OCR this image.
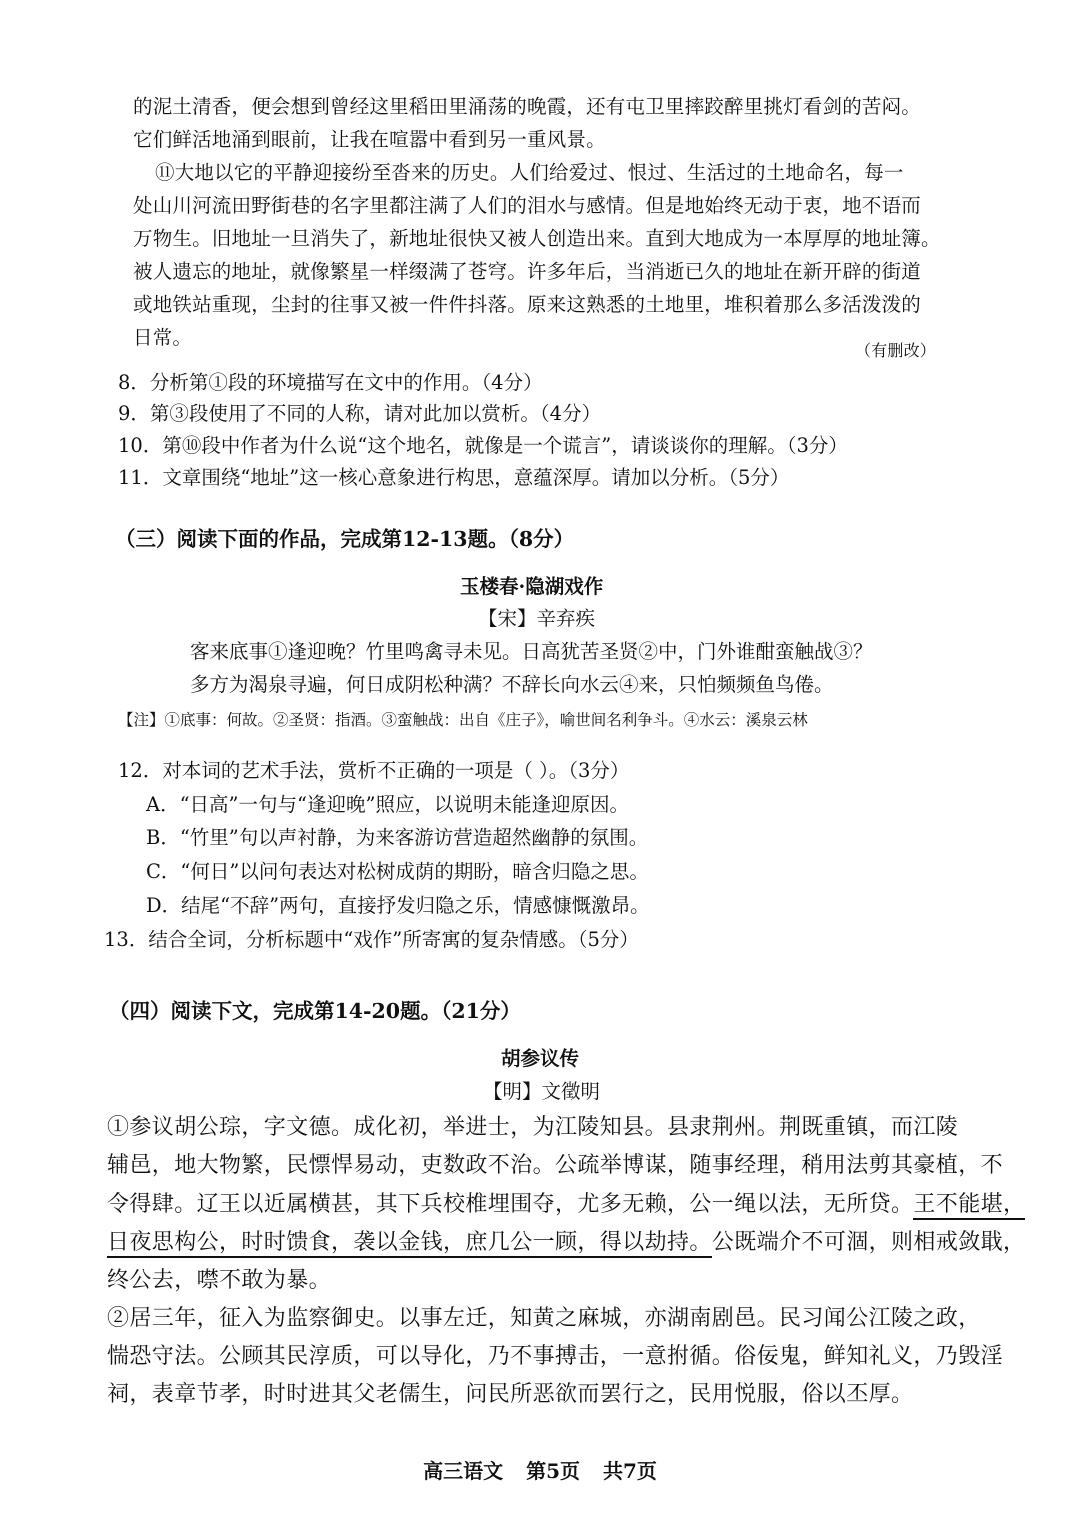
的泥土清香，便会想到曾经这里稻田里涌荡的晚霞，还有屯卫里摔跤醉里挑灯看剑的苦闷。
它们鲜活地涌到眼前，让我在喧嚣中看到另一重风景。
⑪大地以它的平静迎接纷至沓来的历史。人们给爱过、恨过、生活过的土地命名，每一
处山川河流田野街巷的名字里都注满了人们的泪水与感情。但是地始终无动于衷，地不语而
万物生。旧地址一旦消失了，新地址很快又被人创造出来。直到大地成为一本厚厚的地址簿。
被人遗忘的地址，就像繁星一样缀满了苍穹。许多年后，当消逝已久的地址在新开辟的街道
或地铁站重现，尘封的往事又被一件件抖落。原来这熟悉的土地里，堆积着那么多活泼泼的
日常。
（有删改）
8．分析第①段的环境描写在文中的作用。（4分）
9．第③段使用了不同的人称，请对此加以赏析。（4分）
10．第⑩段中作者为什么说“这个地名，就像是一个谎言”，请谈谈你的理解。（3分）
11．文章围绕“地址”这一核心意象进行构思，意蕴深厚。请加以分析。（5分）
（三）阅读下面的作品，完成第12-13题。（8分）
玉楼春·隐湖戏作
【宋】辛弃疾
客来底事①逢迎晚？竹里鸣禽寻未见。日高犹苦圣贤②中，门外谁酣蛮触战③？
多方为渴泉寻遍，何日成阴松种满？不辞长向水云④来，只怕频频鱼鸟倦。
【注】①底事：何故。②圣贤：指酒。③蛮触战：出自《庄子》，喻世间名利争斗。④水云：溪泉云林
12．对本词的艺术手法，赏析不正确的一项是（ ）。（3分）
A．“日高”一句与“逢迎晚”照应，以说明未能逢迎原因。
B．“竹里”句以声衬静，为来客游访营造超然幽静的氛围。
C．“何日”以问句表达对松树成荫的期盼，暗含归隐之思。
D．结尾“不辞”两句，直接抒发归隐之乐，情感慷慨激昂。
13．结合全词，分析标题中“戏作”所寄寓的复杂情感。（5分）
（四）阅读下文，完成第14-20题。（21分）
胡参议传
【明】文徵明
①参议胡公琮，字文德。成化初，举进士，为江陵知县。县隶荆州。荆既重镇，而江陵
辅邑，地大物繁，民慓悍易动，吏数政不治。公疏举博谋，随事经理，稍用法剪其豪植，不
令得肆。辽王以近属横甚，其下兵校椎埋围夺，尤多无赖，公一绳以法，无所贷。王不能堪，
日夜思构公，时时馈食，袭以金钱，庶几公一顾，得以劫持。公既端介不可涸，则相戒敛戢，
终公去，噤不敢为暴。
②居三年，征入为监察御史。以事左迁，知黄之麻城，亦湖南剧邑。民习闻公江陵之政，
惴恐守法。公顾其民淳质，可以导化，乃不事搏击，一意拊循。俗佞鬼，鲜知礼义，乃毁淫
祠，表章节孝，时时进其父老儒生，问民所恶欲而罢行之，民用悦服，俗以丕厚。
高三语文 第5页 共7页
